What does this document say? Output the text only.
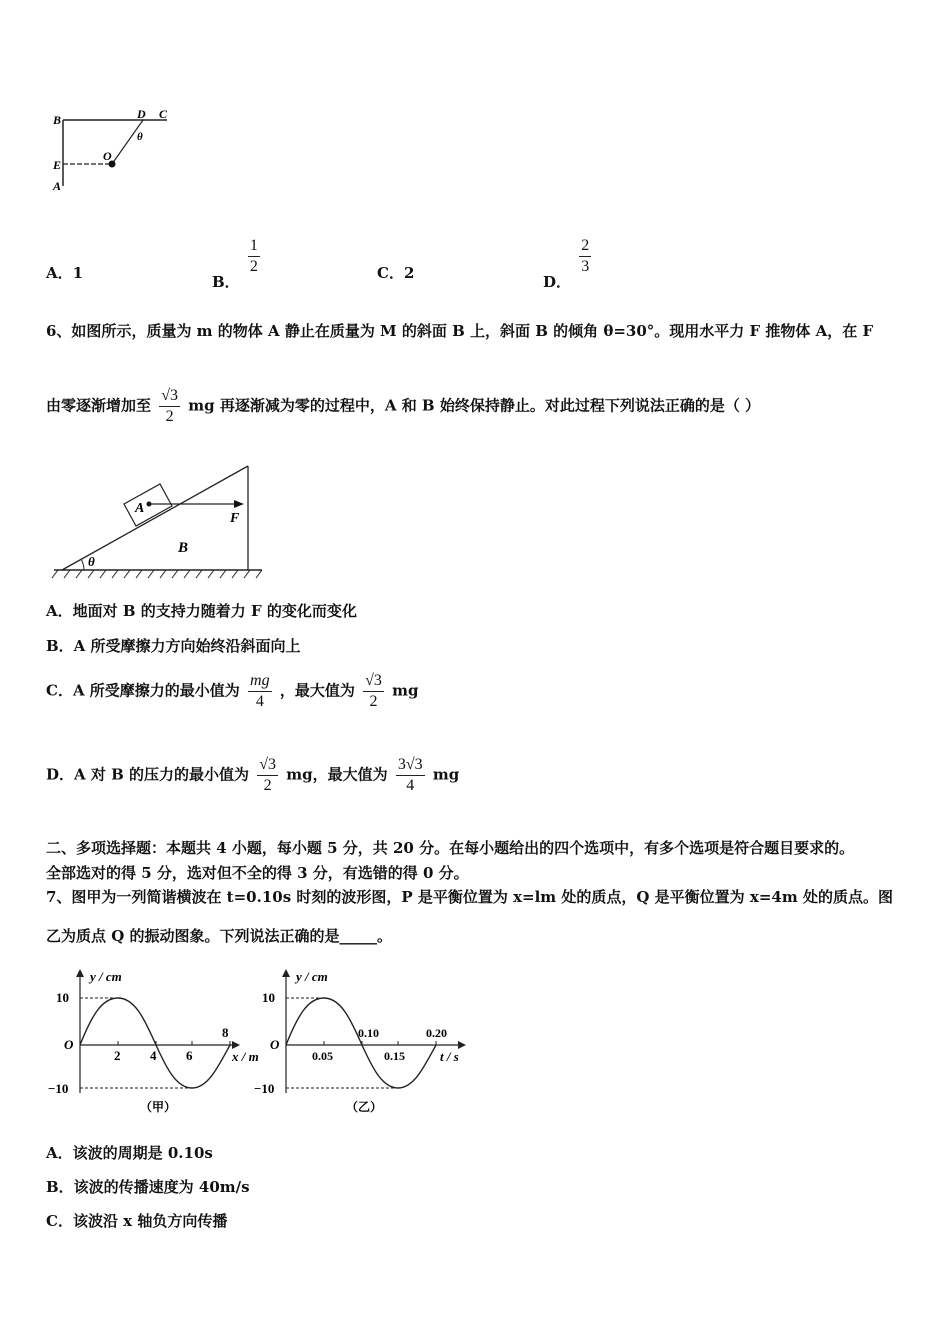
B	D C
E
O
A
θ
A．1	B．
$\frac{1}{2}$	C．2	D．
$\frac{2}{3}$
6、如图所示，质量为 m 的物体 A 静止在质量为 M 的斜面 B 上，斜面 B 的倾角 θ=30°。现用水平力 F 推物体 A，在 F
由零逐渐增加至 $\frac{√3}{2}$ mg 再逐渐减为零的过程中，A 和 B 始终保持静止。对此过程下列说法正确的是（ ）
A
B
F
θ
A．地面对 B 的支持力随着力 F 的变化而变化
B．A 所受摩擦力方向始终沿斜面向上
C．A 所受摩擦力的最小值为 $\frac{mg}{4}$ ，最大值为 $\frac{√3}{2}$ mg
D．A 对 B 的压力的最小值为 $\frac{√3}{2}$ mg，最大值为 $\frac{3√3}{4}$ mg
二、多项选择题：本题共 4 小题，每小题 5 分，共 20 分。在每小题给出的四个选项中，有多个选项是符合题目要求的。
全部选对的得 5 分，选对但不全的得 3 分，有选错的得 0 分。
7、图甲为一列简谐横波在 t=0.10s 时刻的波形图，P 是平衡位置为 x=lm 处的质点，Q 是平衡位置为 x=4m 处的质点。图
乙为质点 Q 的振动图象。下列说法正确的是_____。
y / cm
10
O
−10
2 4 6
8
x / m
（甲）
y / cm
10
O
−10
0.05
0.10
0.15
0.20
t / s
（乙）
A．该波的周期是 0.10s
B．该波的传播速度为 40m/s
C．该波沿 x 轴负方向传播
